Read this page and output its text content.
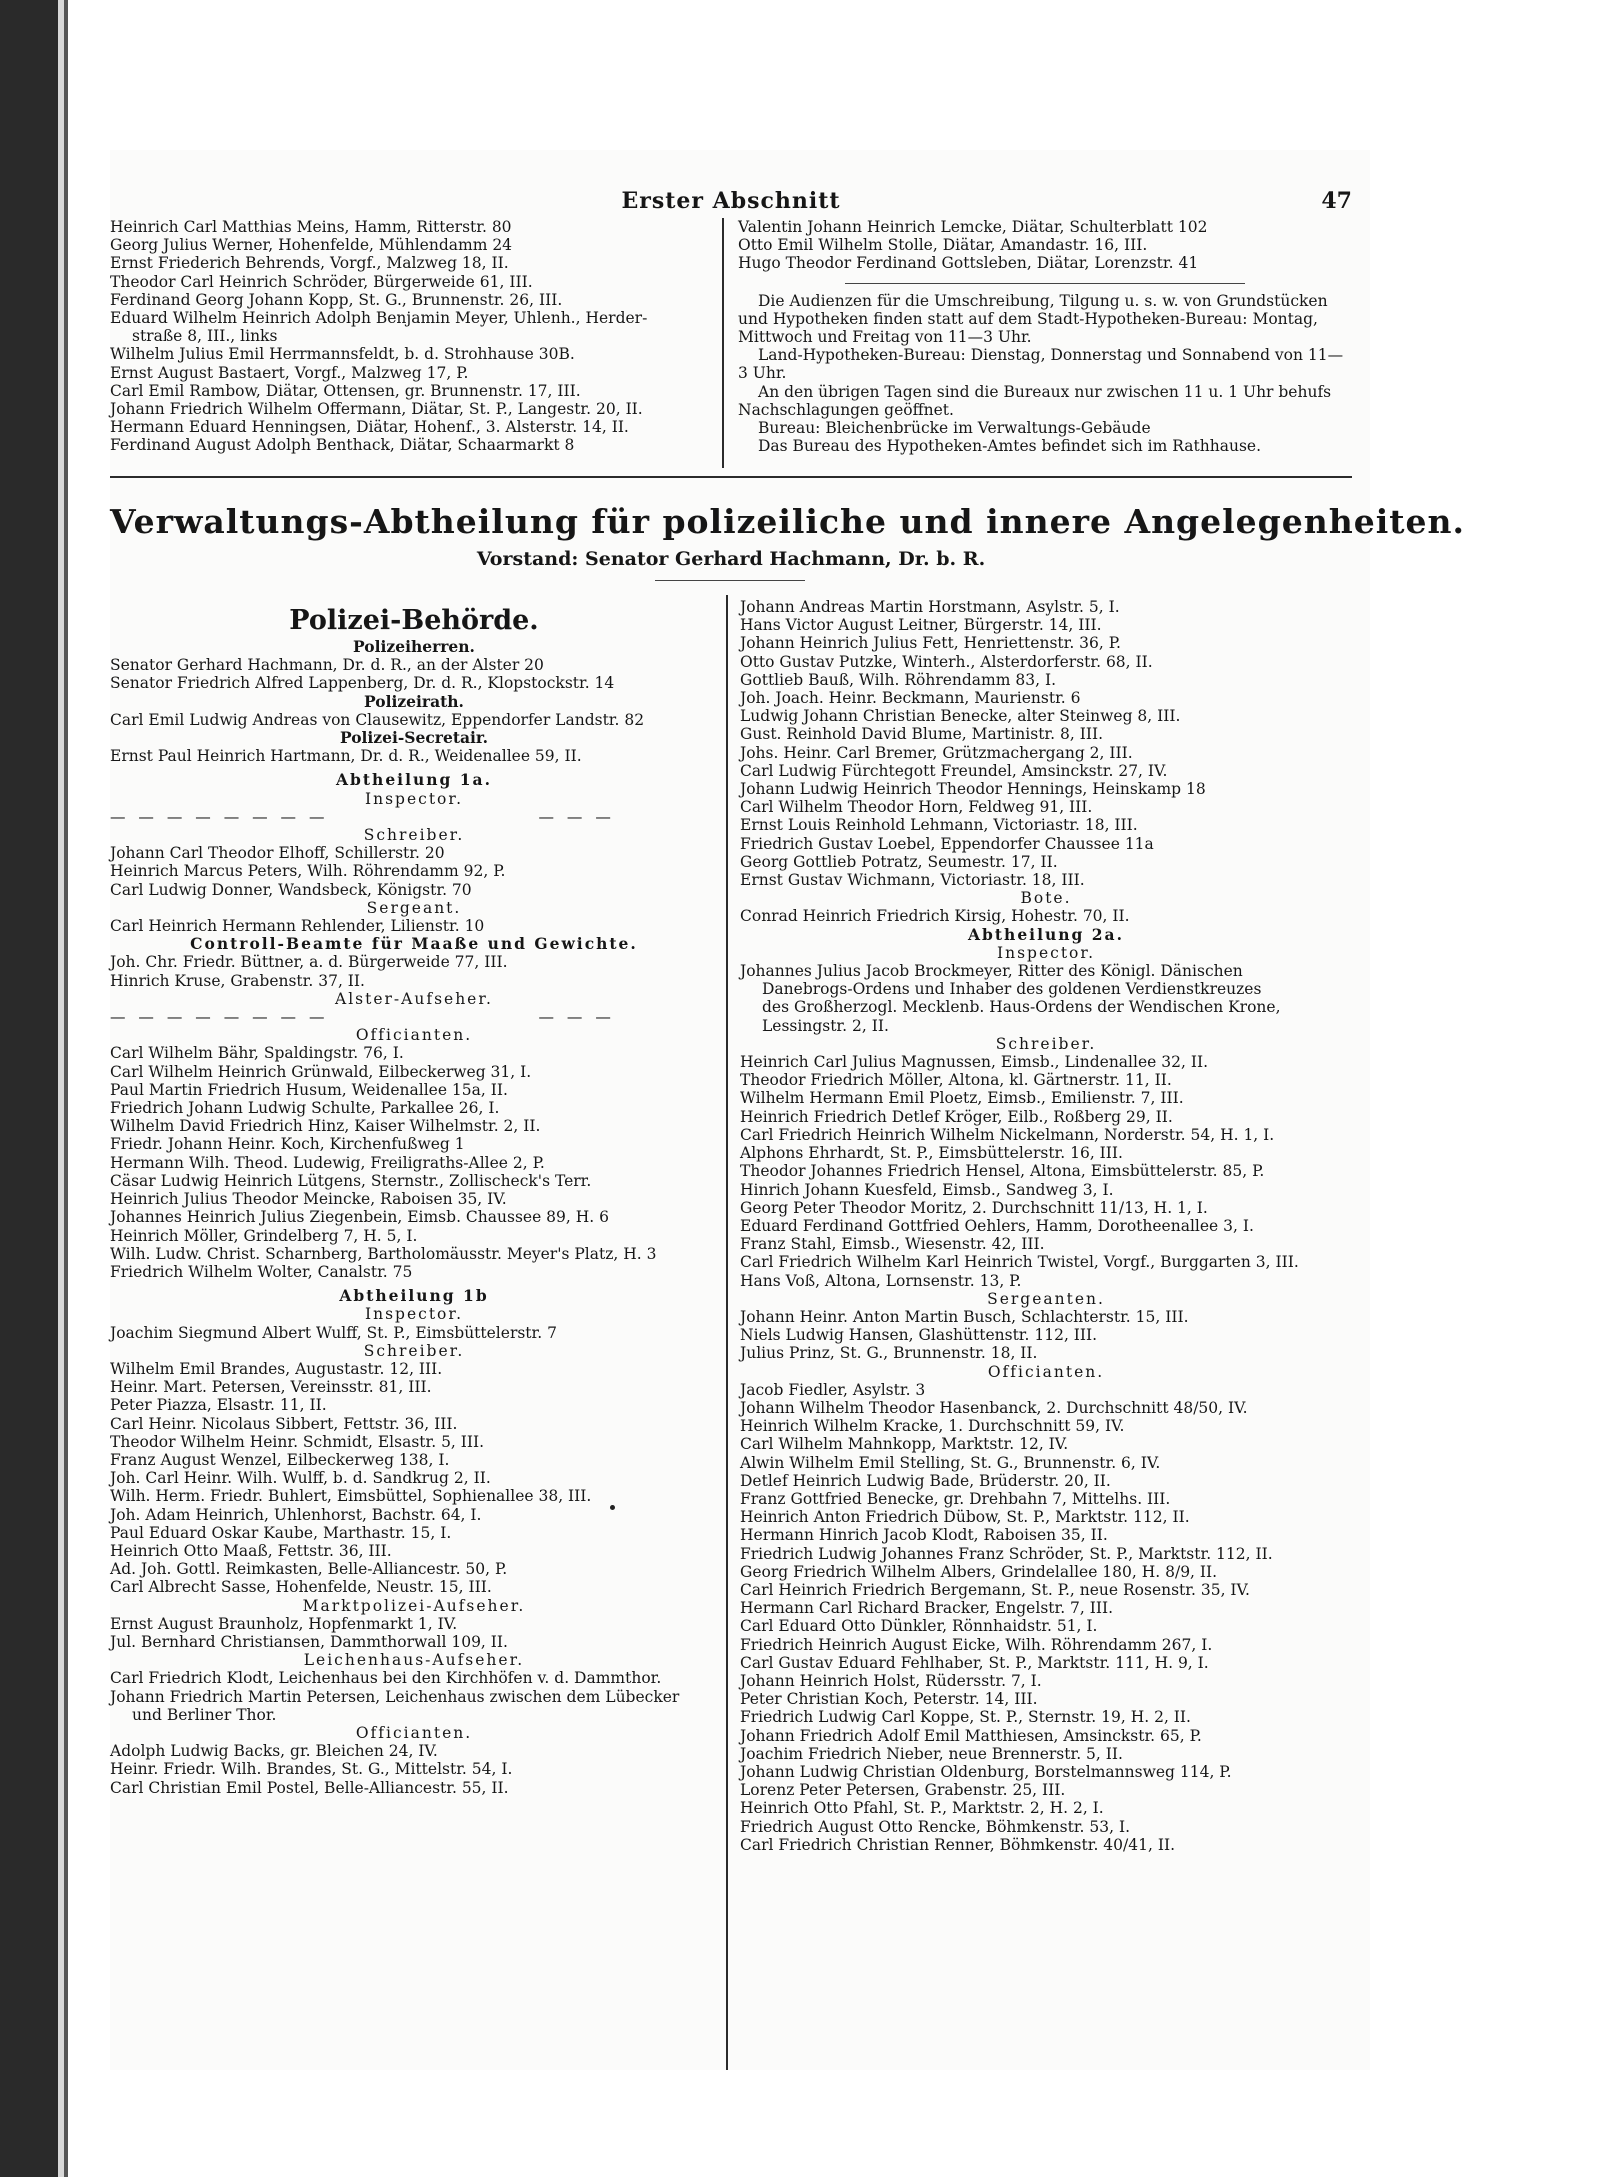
Erster Abschnitt	47
Heinrich Carl Matthias Meins, Hamm, Ritterstr. 80
Georg Julius Werner, Hohenfelde, Mühlendamm 24
Ernst Friederich Behrends, Vorgf., Malzweg 18, II.
Theodor Carl Heinrich Schröder, Bürgerweide 61, III.
Ferdinand Georg Johann Kopp, St. G., Brunnenstr. 26, III.
Eduard Wilhelm Heinrich Adolph Benjamin Meyer, Uhlenh., Herder-
straße 8, III., links
Wilhelm Julius Emil Herrmannsfeldt, b. d. Strohhause 30B.
Ernst August Bastaert, Vorgf., Malzweg 17, P.
Carl Emil Rambow, Diätar, Ottensen, gr. Brunnenstr. 17, III.
Johann Friedrich Wilhelm Offermann, Diätar, St. P., Langestr. 20, II.
Hermann Eduard Henningsen, Diätar, Hohenf., 3. Alsterstr. 14, II.
Ferdinand August Adolph Benthack, Diätar, Schaarmarkt 8
Valentin Johann Heinrich Lemcke, Diätar, Schulterblatt 102
Otto Emil Wilhelm Stolle, Diätar, Amandastr. 16, III.
Hugo Theodor Ferdinand Gottsleben, Diätar, Lorenzstr. 41
Die Audienzen für die Umschreibung, Tilgung u. s. w. von Grundstücken und Hypotheken finden statt auf dem Stadt-Hypotheken-Bureau: Montag, Mittwoch und Freitag von 11—3 Uhr.
Land-Hypotheken-Bureau: Dienstag, Donnerstag und Sonnabend von 11—3 Uhr.
An den übrigen Tagen sind die Bureaux nur zwischen 11 u. 1 Uhr behufs Nachschlagungen geöffnet.
Bureau: Bleichenbrücke im Verwaltungs-Gebäude
Das Bureau des Hypotheken-Amtes befindet sich im Rathhause.
Verwaltungs-Abtheilung für polizeiliche und innere Angelegenheiten.
Vorstand: Senator Gerhard Hachmann, Dr. b. R.
Polizei-Behörde.
Polizeiherren.
Senator Gerhard Hachmann, Dr. d. R., an der Alster 20
Senator Friedrich Alfred Lappenberg, Dr. d. R., Klopstockstr. 14
Polizeirath.
Carl Emil Ludwig Andreas von Clausewitz, Eppendorfer Landstr. 82
Polizei-Secretair.
Ernst Paul Heinrich Hartmann, Dr. d. R., Weidenallee 59, II.
Abtheilung 1a.
Inspector.
— — — — — — — —	— — —
Schreiber.
Johann Carl Theodor Elhoff, Schillerstr. 20
Heinrich Marcus Peters, Wilh. Röhrendamm 92, P.
Carl Ludwig Donner, Wandsbeck, Königstr. 70
Sergeant.
Carl Heinrich Hermann Rehlender, Lilienstr. 10
Controll-Beamte für Maaße und Gewichte.
Joh. Chr. Friedr. Büttner, a. d. Bürgerweide 77, III.
Hinrich Kruse, Grabenstr. 37, II.
Alster-Aufseher.
— — — — — — — —	— — —
Officianten.
Carl Wilhelm Bähr, Spaldingstr. 76, I.
Carl Wilhelm Heinrich Grünwald, Eilbeckerweg 31, I.
Paul Martin Friedrich Husum, Weidenallee 15a, II.
Friedrich Johann Ludwig Schulte, Parkallee 26, I.
Wilhelm David Friedrich Hinz, Kaiser Wilhelmstr. 2, II.
Friedr. Johann Heinr. Koch, Kirchenfußweg 1
Hermann Wilh. Theod. Ludewig, Freiligraths-Allee 2, P.
Cäsar Ludwig Heinrich Lütgens, Sternstr., Zollischeck's Terr.
Heinrich Julius Theodor Meincke, Raboisen 35, IV.
Johannes Heinrich Julius Ziegenbein, Eimsb. Chaussee 89, H. 6
Heinrich Möller, Grindelberg 7, H. 5, I.
Wilh. Ludw. Christ. Scharnberg, Bartholomäusstr. Meyer's Platz, H. 3
Friedrich Wilhelm Wolter, Canalstr. 75
Abtheilung 1b
Inspector.
Joachim Siegmund Albert Wulff, St. P., Eimsbüttelerstr. 7
Schreiber.
Wilhelm Emil Brandes, Augustastr. 12, III.
Heinr. Mart. Petersen, Vereinsstr. 81, III.
Peter Piazza, Elsastr. 11, II.
Carl Heinr. Nicolaus Sibbert, Fettstr. 36, III.
Theodor Wilhelm Heinr. Schmidt, Elsastr. 5, III.
Franz August Wenzel, Eilbeckerweg 138, I.
Joh. Carl Heinr. Wilh. Wulff, b. d. Sandkrug 2, II.
Wilh. Herm. Friedr. Buhlert, Eimsbüttel, Sophienallee 38, III.
Joh. Adam Heinrich, Uhlenhorst, Bachstr. 64, I.
Paul Eduard Oskar Kaube, Marthastr. 15, I.
Heinrich Otto Maaß, Fettstr. 36, III.
Ad. Joh. Gottl. Reimkasten, Belle-Alliancestr. 50, P.
Carl Albrecht Sasse, Hohenfelde, Neustr. 15, III.
Marktpolizei-Aufseher.
Ernst August Braunholz, Hopfenmarkt 1, IV.
Jul. Bernhard Christiansen, Dammthorwall 109, II.
Leichenhaus-Aufseher.
Carl Friedrich Klodt, Leichenhaus bei den Kirchhöfen v. d. Dammthor.
Johann Friedrich Martin Petersen, Leichenhaus zwischen dem Lübecker
und Berliner Thor.
Officianten.
Adolph Ludwig Backs, gr. Bleichen 24, IV.
Heinr. Friedr. Wilh. Brandes, St. G., Mittelstr. 54, I.
Carl Christian Emil Postel, Belle-Alliancestr. 55, II.
Johann Andreas Martin Horstmann, Asylstr. 5, I.
Hans Victor August Leitner, Bürgerstr. 14, III.
Johann Heinrich Julius Fett, Henriettenstr. 36, P.
Otto Gustav Putzke, Winterh., Alsterdorferstr. 68, II.
Gottlieb Bauß, Wilh. Röhrendamm 83, I.
Joh. Joach. Heinr. Beckmann, Maurienstr. 6
Ludwig Johann Christian Benecke, alter Steinweg 8, III.
Gust. Reinhold David Blume, Martinistr. 8, III.
Johs. Heinr. Carl Bremer, Grützmachergang 2, III.
Carl Ludwig Fürchtegott Freundel, Amsinckstr. 27, IV.
Johann Ludwig Heinrich Theodor Hennings, Heinskamp 18
Carl Wilhelm Theodor Horn, Feldweg 91, III.
Ernst Louis Reinhold Lehmann, Victoriastr. 18, III.
Friedrich Gustav Loebel, Eppendorfer Chaussee 11a
Georg Gottlieb Potratz, Seumestr. 17, II.
Ernst Gustav Wichmann, Victoriastr. 18, III.
Bote.
Conrad Heinrich Friedrich Kirsig, Hohestr. 70, II.
Abtheilung 2a.
Inspector.
Johannes Julius Jacob Brockmeyer, Ritter des Königl. Dänischen
Danebrogs-Ordens und Inhaber des goldenen Verdienstkreuzes
des Großherzogl. Mecklenb. Haus-Ordens der Wendischen Krone,
Lessingstr. 2, II.
Schreiber.
Heinrich Carl Julius Magnussen, Eimsb., Lindenallee 32, II.
Theodor Friedrich Möller, Altona, kl. Gärtnerstr. 11, II.
Wilhelm Hermann Emil Ploetz, Eimsb., Emilienstr. 7, III.
Heinrich Friedrich Detlef Kröger, Eilb., Roßberg 29, II.
Carl Friedrich Heinrich Wilhelm Nickelmann, Norderstr. 54, H. 1, I.
Alphons Ehrhardt, St. P., Eimsbüttelerstr. 16, III.
Theodor Johannes Friedrich Hensel, Altona, Eimsbüttelerstr. 85, P.
Hinrich Johann Kuesfeld, Eimsb., Sandweg 3, I.
Georg Peter Theodor Moritz, 2. Durchschnitt 11/13, H. 1, I.
Eduard Ferdinand Gottfried Oehlers, Hamm, Dorotheenallee 3, I.
Franz Stahl, Eimsb., Wiesenstr. 42, III.
Carl Friedrich Wilhelm Karl Heinrich Twistel, Vorgf., Burggarten 3, III.
Hans Voß, Altona, Lornsenstr. 13, P.
Sergeanten.
Johann Heinr. Anton Martin Busch, Schlachterstr. 15, III.
Niels Ludwig Hansen, Glashüttenstr. 112, III.
Julius Prinz, St. G., Brunnenstr. 18, II.
Officianten.
Jacob Fiedler, Asylstr. 3
Johann Wilhelm Theodor Hasenbanck, 2. Durchschnitt 48/50, IV.
Heinrich Wilhelm Kracke, 1. Durchschnitt 59, IV.
Carl Wilhelm Mahnkopp, Marktstr. 12, IV.
Alwin Wilhelm Emil Stelling, St. G., Brunnenstr. 6, IV.
Detlef Heinrich Ludwig Bade, Brüderstr. 20, II.
Franz Gottfried Benecke, gr. Drehbahn 7, Mittelhs. III.
Heinrich Anton Friedrich Dübow, St. P., Marktstr. 112, II.
Hermann Hinrich Jacob Klodt, Raboisen 35, II.
Friedrich Ludwig Johannes Franz Schröder, St. P., Marktstr. 112, II.
Georg Friedrich Wilhelm Albers, Grindelallee 180, H. 8/9, II.
Carl Heinrich Friedrich Bergemann, St. P., neue Rosenstr. 35, IV.
Hermann Carl Richard Bracker, Engelstr. 7, III.
Carl Eduard Otto Dünkler, Rönnhaidstr. 51, I.
Friedrich Heinrich August Eicke, Wilh. Röhrendamm 267, I.
Carl Gustav Eduard Fehlhaber, St. P., Marktstr. 111, H. 9, I.
Johann Heinrich Holst, Rüdersstr. 7, I.
Peter Christian Koch, Peterstr. 14, III.
Friedrich Ludwig Carl Koppe, St. P., Sternstr. 19, H. 2, II.
Johann Friedrich Adolf Emil Matthiesen, Amsinckstr. 65, P.
Joachim Friedrich Nieber, neue Brennerstr. 5, II.
Johann Ludwig Christian Oldenburg, Borstelmannsweg 114, P.
Lorenz Peter Petersen, Grabenstr. 25, III.
Heinrich Otto Pfahl, St. P., Marktstr. 2, H. 2, I.
Friedrich August Otto Rencke, Böhmkenstr. 53, I.
Carl Friedrich Christian Renner, Böhmkenstr. 40/41, II.
